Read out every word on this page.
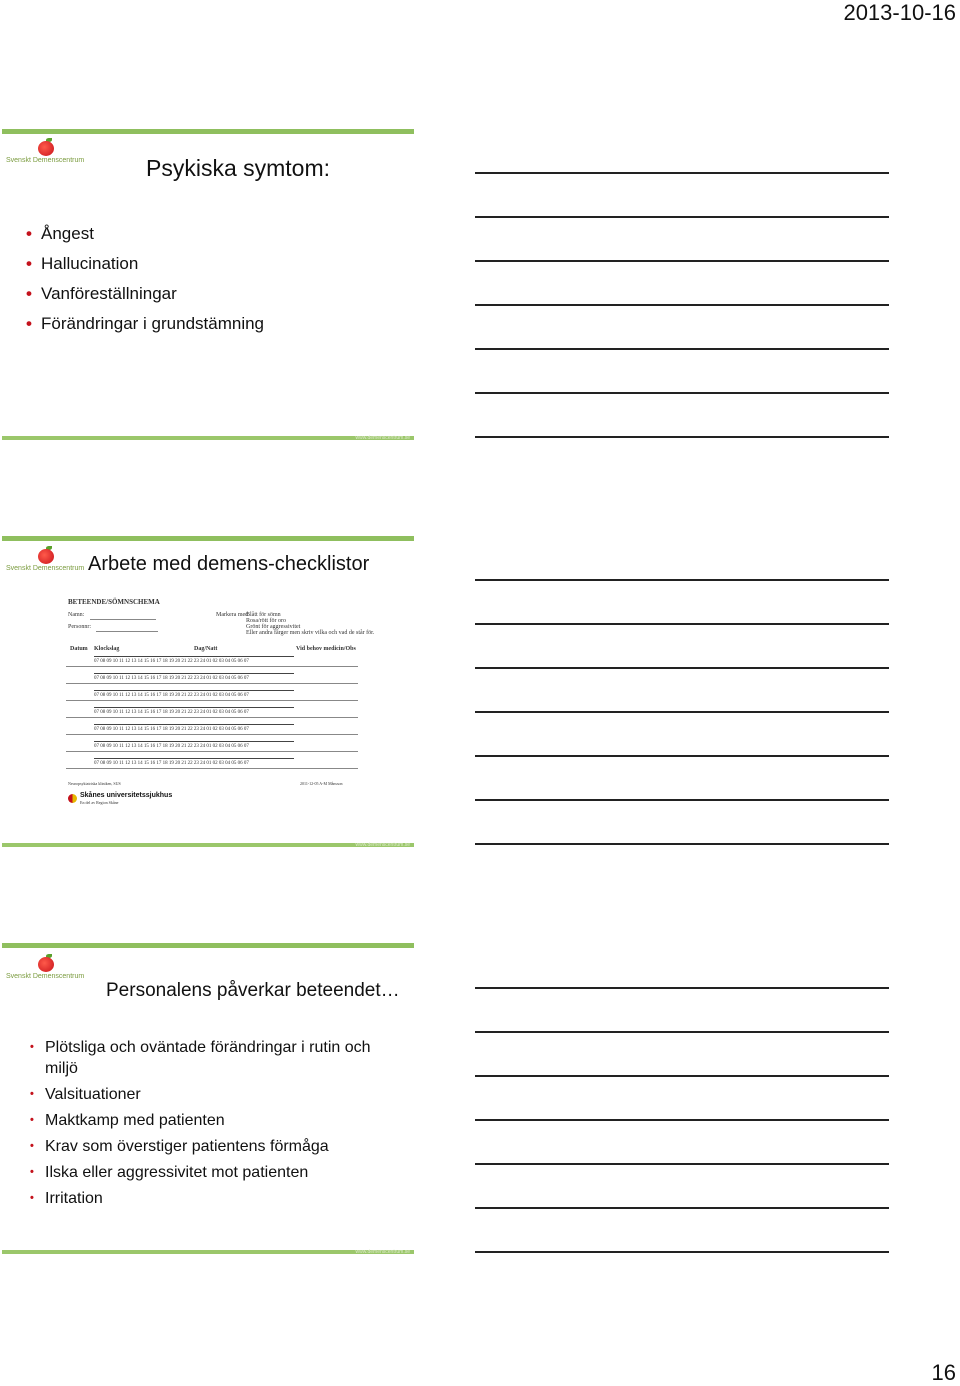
2013-10-16
Svenskt Demenscentrum	Psykiska symtom:
• Ångest
• Hallucination
• Vanföreställningar
• Förändringar i grundstämning
www.demenscentrum.se
Svenskt Demenscentrum Arbete med demens-checklistor
BETEENDE/SÖMNSCHEMA
Namn:
Personnr:
Markera med
Blått för sömn
Rosa/rött för oro
Grönt för aggressivitet
Eller andra färger men skriv vilka och vad de står för.
Datum Klockslag	Dag/Natt	Vid behov medicin/Obs
07 08 09 10 11 12 13 14 15 16 17 18 19 20 21 22 23 24 01 02 03 04 05 06 07
07 08 09 10 11 12 13 14 15 16 17 18 19 20 21 22 23 24 01 02 03 04 05 06 07
07 08 09 10 11 12 13 14 15 16 17 18 19 20 21 22 23 24 01 02 03 04 05 06 07
07 08 09 10 11 12 13 14 15 16 17 18 19 20 21 22 23 24 01 02 03 04 05 06 07
07 08 09 10 11 12 13 14 15 16 17 18 19 20 21 22 23 24 01 02 03 04 05 06 07
07 08 09 10 11 12 13 14 15 16 17 18 19 20 21 22 23 24 01 02 03 04 05 06 07
07 08 09 10 11 12 13 14 15 16 17 18 19 20 21 22 23 24 01 02 03 04 05 06 07
Neuropsykiatriska kliniken, SUS	2011-12-05 A-M Månsson
Skånes universitetssjukhus
En del av Region Skåne
www.demenscentrum.se
Svenskt Demenscentrum
Personalens påverkar beteendet…
• Plötsliga och oväntade förändringar i rutin och miljö
• Valsituationer
• Maktkamp med patienten
• Krav som överstiger patientens förmåga
• Ilska eller aggressivitet mot patienten
• Irritation
www.demenscentrum.se
16
